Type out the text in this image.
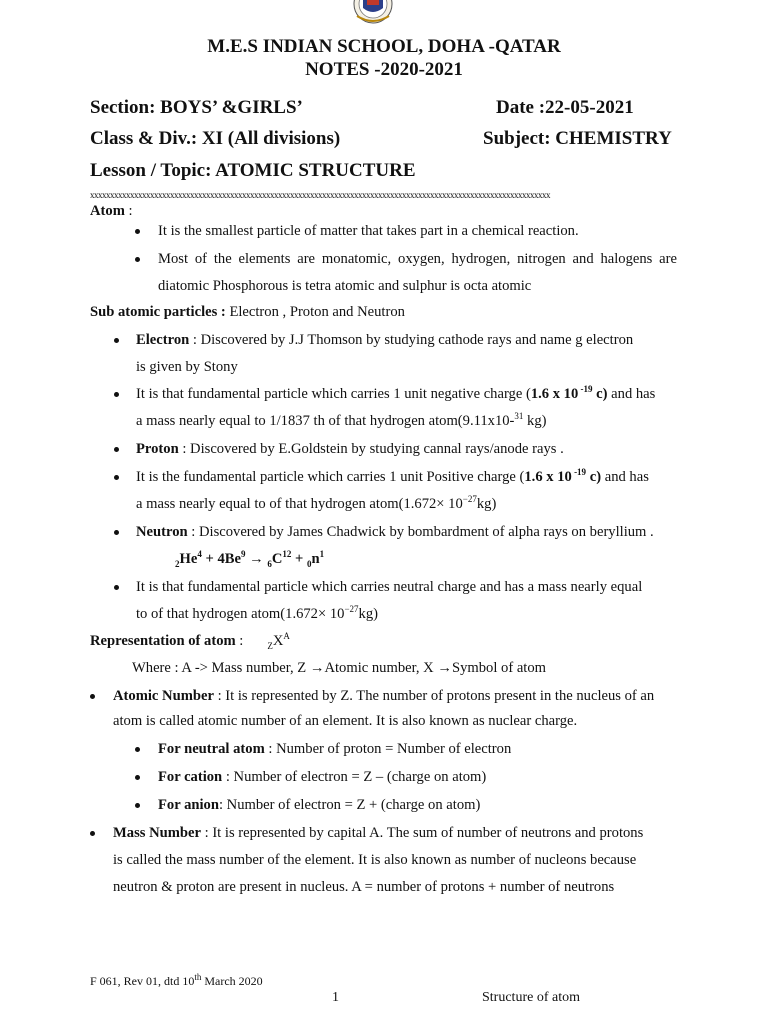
M.E.S INDIAN SCHOOL, DOHA -QATAR
NOTES -2020-2021
Section: BOYS’ &GIRLS’	Date :22-05-2021
Class & Div.: XI (All divisions)	Subject: CHEMISTRY
Lesson / Topic: ATOMIC STRUCTURE
xxxxxxxxxxxxxxxxxxxxxxxxxxxxxxxxxxxxxxxxxxxxxxxxxxxxxxxxxxxxxxxxxxxxxxxxxxxxxxxxxxxxxxxxxxxxxxxxxxxxxxxxxxxxxxxxxxx
Atom :
It is the smallest particle of matter that takes part in a chemical reaction.
Most of the elements are monatomic, oxygen, hydrogen, nitrogen and halogens are
diatomic Phosphorous is tetra atomic and sulphur is octa atomic
Sub atomic particles : Electron , Proton and Neutron
Electron : Discovered by J.J Thomson by studying cathode rays and name g electron
is given by Stony
It is that fundamental particle which carries 1 unit negative charge (1.6 x 10 $^{-19}$ c) and has
a mass nearly equal to 1/1837 th of that hydrogen atom(9.11x10-$^{31}$ kg)
Proton : Discovered by E.Goldstein by studying cannal rays/anode rays .
It is the fundamental particle which carries 1 unit Positive charge (1.6 x 10 $^{-19}$ c) and has
a mass nearly equal to of that hydrogen atom(1.672× $10^{-27}kg$)
Neutron : Discovered by James Chadwick by bombardment of alpha rays on beryllium .
$_2He^4 + 4Be^9 \to _6C^{12} + _0n^1$
It is that fundamental particle which carries neutral charge and has a mass nearly equal
to of that hydrogen atom(1.672× $10^{-27}kg$)
Representation of atom :	$_ZX^A$
Where : A -> Mass number, Z →Atomic number, X →Symbol of atom
Atomic Number : It is represented by Z. The number of protons present in the nucleus of an
atom is called atomic number of an element. It is also known as nuclear charge.
For neutral atom : Number of proton = Number of electron
For cation : Number of electron = Z – (charge on atom)
For anion: Number of electron = Z + (charge on atom)
Mass Number : It is represented by capital A. The sum of number of neutrons and protons
is called the mass number of the element. It is also known as number of nucleons because
neutron & proton are present in nucleus. A = number of protons + number of neutrons
F 061, Rev 01, dtd 10th March 2020
1	Structure of atom
